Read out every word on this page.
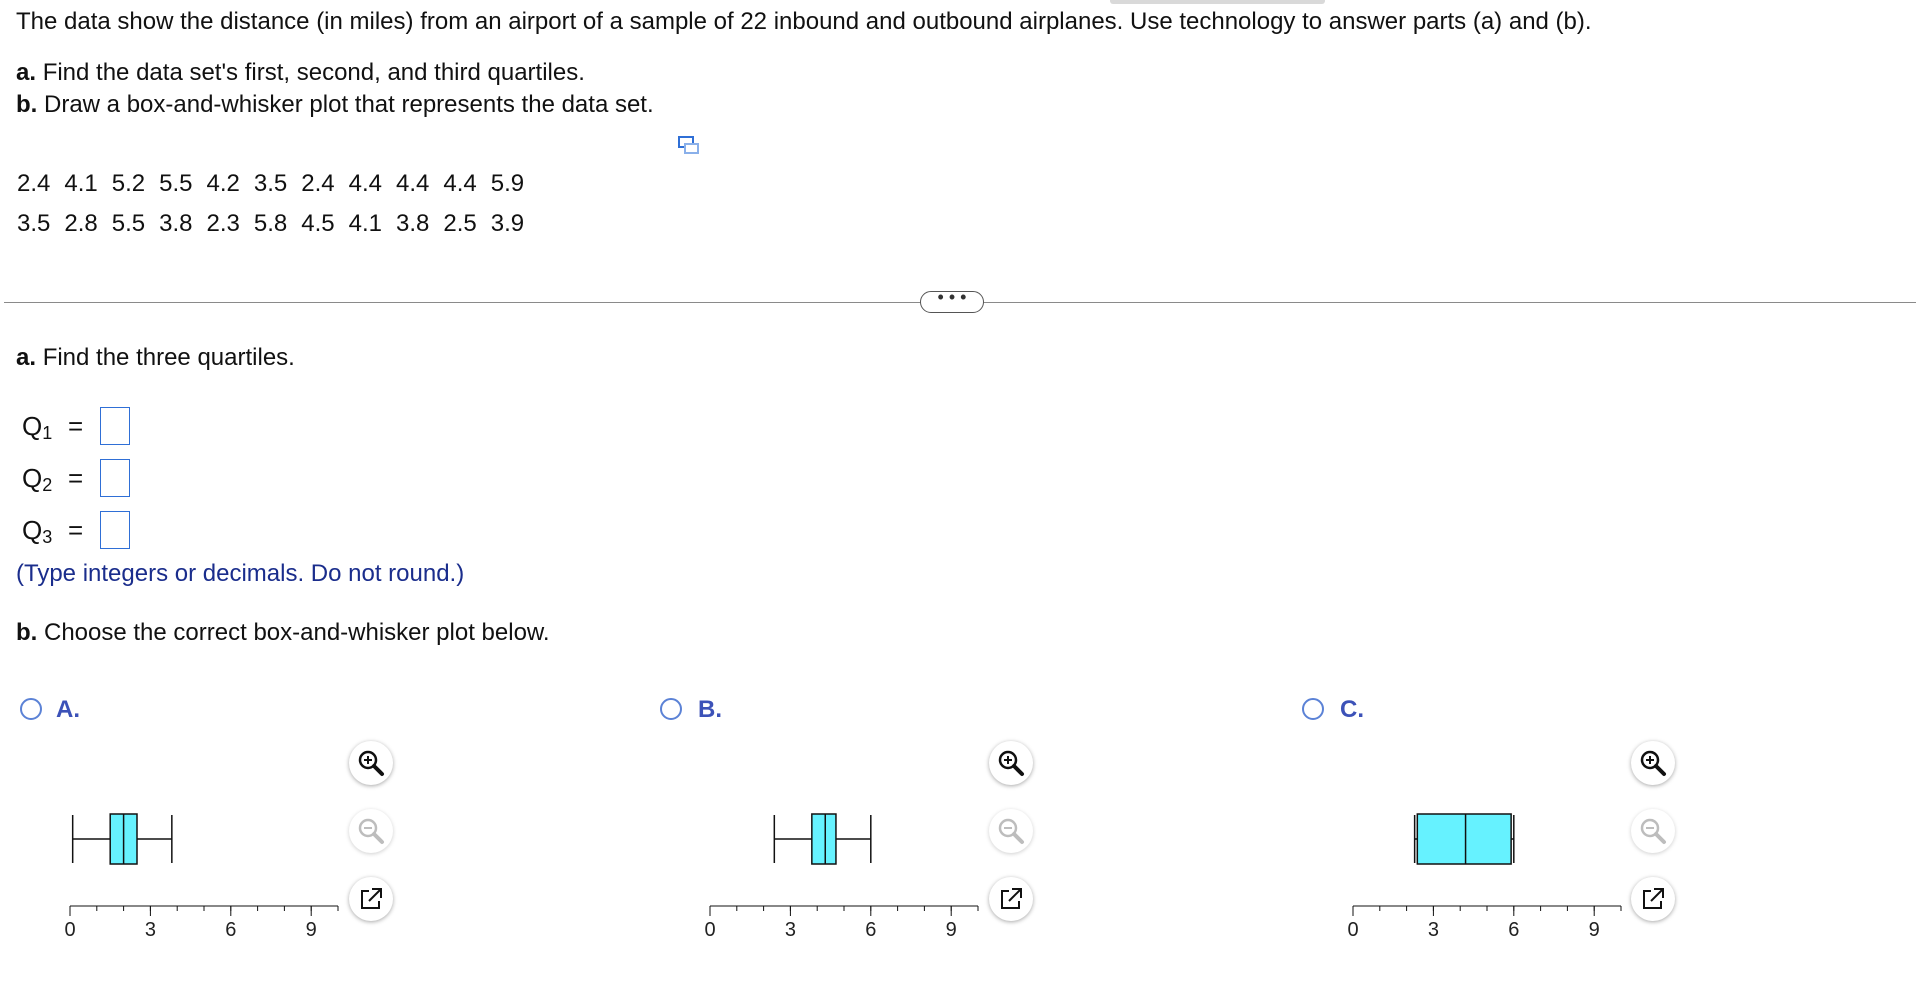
The data show the distance (in miles) from an airport of a sample of 22 inbound and outbound airplanes. Use technology to answer parts (a) and (b).
a. Find the data set's first, second, and third quartiles.
b. Draw a box-and-whisker plot that represents the data set.
2.4	4.1	5.2	5.5	4.2	3.5	2.4	4.4	4.4	4.4	5.9
3.5	2.8	5.5	3.8	2.3	5.8	4.5	4.1	3.8	2.5	3.9
• • •
a. Find the three quartiles.
$Q_1$ =
$Q_2$ =
$Q_3$ =
(Type integers or decimals. Do not round.)
b. Choose the correct box-and-whisker plot below.
A.	B.	C.
0	3	6	9	0	3	6	9	0	3	6	9
